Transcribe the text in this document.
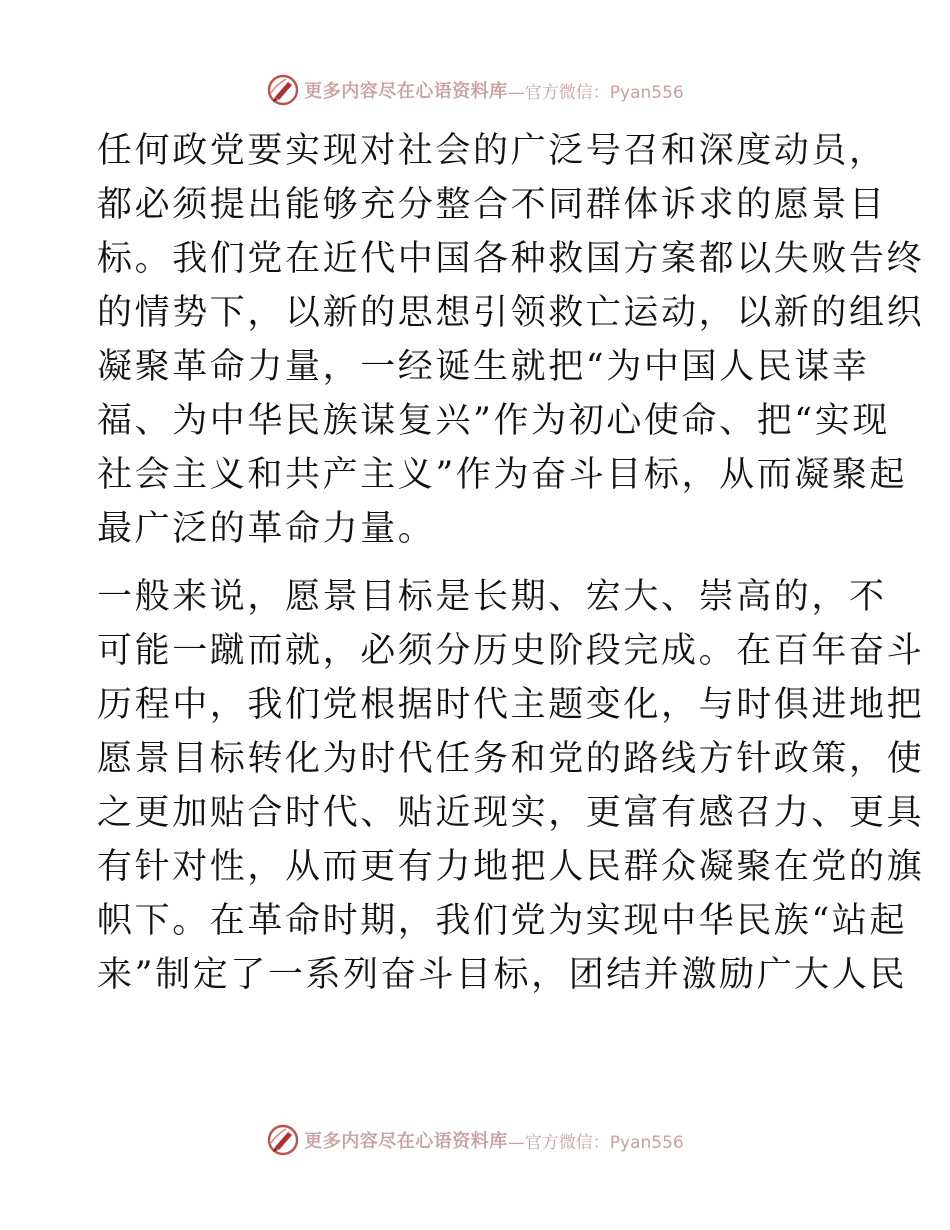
更多内容尽在心语资料库 —官方微信：Pyan556

任何政党要实现对社会的广泛号召和深度动员，
都必须提出能够充分整合不同群体诉求的愿景目
标。我们党在近代中国各种救国方案都以失败告终
的情势下，以新的思想引领救亡运动，以新的组织
凝聚革命力量，一经诞生就把“为中国人民谋幸
福、为中华民族谋复兴”作为初心使命、把“实现
社会主义和共产主义”作为奋斗目标，从而凝聚起
最广泛的革命力量。

一般来说，愿景目标是长期、宏大、崇高的，不
可能一蹴而就，必须分历史阶段完成。在百年奋斗
历程中，我们党根据时代主题变化，与时俱进地把
愿景目标转化为时代任务和党的路线方针政策，使
之更加贴合时代、贴近现实，更富有感召力、更具
有针对性，从而更有力地把人民群众凝聚在党的旗
帜下。在革命时期，我们党为实现中华民族“站起
来”制定了一系列奋斗目标，团结并激励广大人民

更多内容尽在心语资料库 —官方微信：Pyan556
